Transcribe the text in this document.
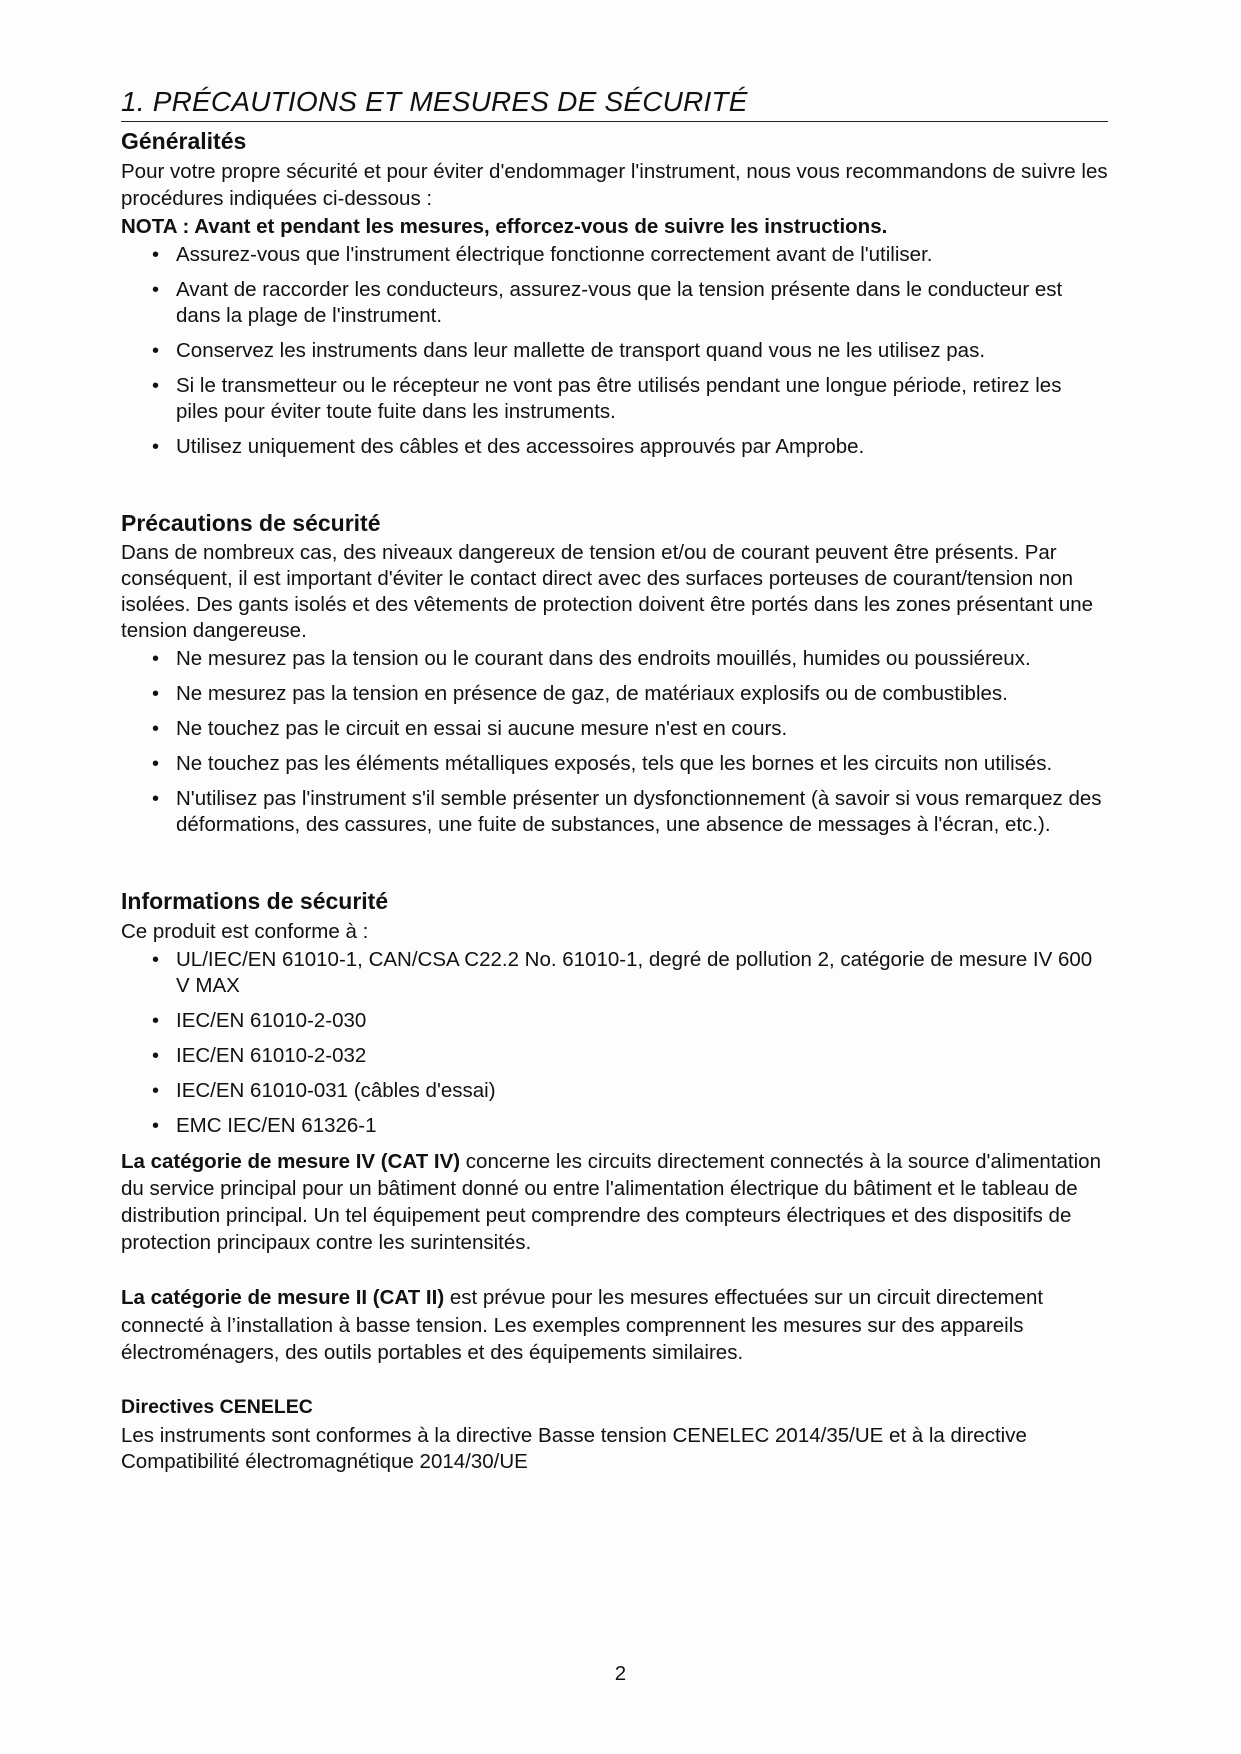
1. PRÉCAUTIONS ET MESURES DE SÉCURITÉ
Généralités

Pour votre propre sécurité et pour éviter d'endommager l'instrument, nous vous recommandons de suivre les procédures indiquées ci-dessous :

NOTA : Avant et pendant les mesures, efforcez-vous de suivre les instructions.

• Assurez-vous que l'instrument électrique fonctionne correctement avant de l'utiliser.
• Avant de raccorder les conducteurs, assurez-vous que la tension présente dans le conducteur est dans la plage de l'instrument.
• Conservez les instruments dans leur mallette de transport quand vous ne les utilisez pas.
• Si le transmetteur ou le récepteur ne vont pas être utilisés pendant une longue période, retirez les piles pour éviter toute fuite dans les instruments.
• Utilisez uniquement des câbles et des accessoires approuvés par Amprobe.
Précautions de sécurité

Dans de nombreux cas, des niveaux dangereux de tension et/ou de courant peuvent être présents. Par conséquent, il est important d'éviter le contact direct avec des surfaces porteuses de courant/tension non isolées. Des gants isolés et des vêtements de protection doivent être portés dans les zones présentant une tension dangereuse.

• Ne mesurez pas la tension ou le courant dans des endroits mouillés, humides ou poussiéreux.
• Ne mesurez pas la tension en présence de gaz, de matériaux explosifs ou de combustibles.
• Ne touchez pas le circuit en essai si aucune mesure n'est en cours.
• Ne touchez pas les éléments métalliques exposés, tels que les bornes et les circuits non utilisés.
• N'utilisez pas l'instrument s'il semble présenter un dysfonctionnement (à savoir si vous remarquez des déformations, des cassures, une fuite de substances, une absence de messages à l'écran, etc.).
Informations de sécurité

Ce produit est conforme à :

• UL/IEC/EN 61010-1, CAN/CSA C22.2 No. 61010-1, degré de pollution 2, catégorie de mesure IV 600 V MAX
• IEC/EN 61010-2-030
• IEC/EN 61010-2-032
• IEC/EN 61010-031 (câbles d'essai)
• EMC IEC/EN 61326-1

La catégorie de mesure IV (CAT IV) concerne les circuits directement connectés à la source d'alimentation du service principal pour un bâtiment donné ou entre l'alimentation électrique du bâtiment et le tableau de distribution principal. Un tel équipement peut comprendre des compteurs électriques et des dispositifs de protection principaux contre les surintensités.

La catégorie de mesure II (CAT II) est prévue pour les mesures effectuées sur un circuit directement connecté à l’installation à basse tension. Les exemples comprennent les mesures sur des appareils électroménagers, des outils portables et des équipements similaires.

Directives CENELEC

Les instruments sont conformes à la directive Basse tension CENELEC 2014/35/UE et à la directive Compatibilité électromagnétique 2014/30/UE

2
